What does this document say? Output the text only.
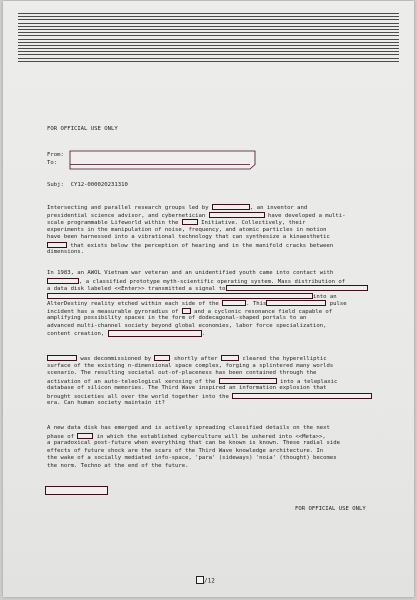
FOR OFFICIAL USE ONLY
From:
To:
Subj: CY12-000020231310
Intersecting and parallel research groups led by	, an inventor and
presidential science advisor, and cybernetician	have developed a multi-
scale programmable Lifeworld within the	Initiative. Collectively, their
experiments in the manipulation of noise, frequency, and atomic particles in motion
have been harnessed into a vibrational technology that can synthesize a kinaesthetic
that exists below the perception of hearing and in the manifold cracks between
dimensions.
In 1983, an AWOL Vietnam war veteran and an unidentified youth came into contact with
, a classified prototype myth-scientific operating system. Mass distribution of
a data disk labeled <<Enter>> transmitted a signal to
into an
AlterDestiny reality etched within each side of the	. This	pulse
incident has a measurable gyroradius of	and a cyclonic resonance field capable of
amplifying possibility spaces in the form of dodecagonal-shaped portals to an
advanced multi-channel society beyond global economies, labor force specialization,
content creation,	.
was decommissioned by	shortly after	cleared the hyperelliptic
surface of the existing n-dimensional space complex, forging a splintered many worlds
scenario. The resulting societal out-of-placeness has been contained through the
activation of an auto-teleological xeroxing of the	into a teleplaxic
database of silicon memories. The Third Wave inspired an information explosion that
brought societies all over the world together into the
era. Can human society maintain it?
A new data disk has emerged and is actively spreading classified details on the next
phase of	in which the established cyberculture will be ushered into <<Meta>>,
a paradoxical post-future when everything that can be known is known. These radial side
effects of future shock are the scars of the Third Wave knowledge architecture. In
the wake of a socially mediated info-space, 'para' (sideways) 'noia' (thought) becomes
the norm. Techno at the end of the future.
FOR OFFICIAL USE ONLY
/12
